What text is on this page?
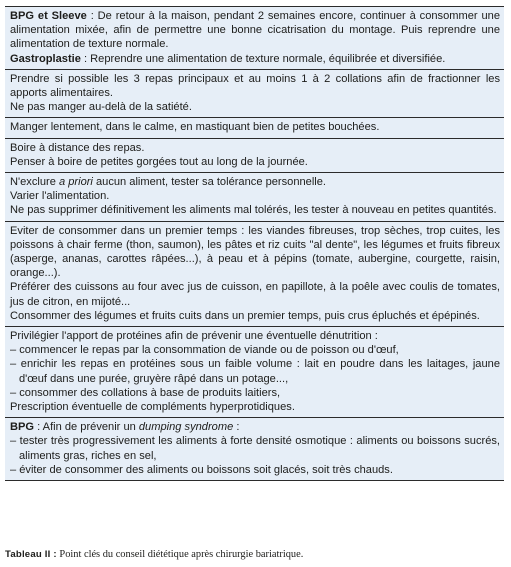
BPG et Sleeve : De retour à la maison, pendant 2 semaines encore, continuer à consommer une alimentation mixée, afin de permettre une bonne cicatrisation du montage. Puis reprendre une alimentation de texture normale.

Gastroplastie : Reprendre une alimentation de texture normale, équilibrée et diversifiée.

Prendre si possible les 3 repas principaux et au moins 1 à 2 collations afin de fractionner les apports alimentaires.

Ne pas manger au-delà de la satiété.

Manger lentement, dans le calme, en mastiquant bien de petites bouchées.

Boire à distance des repas.

Penser à boire de petites gorgées tout au long de la journée.

N'exclure a priori aucun aliment, tester sa tolérance personnelle.

Varier l'alimentation.

Ne pas supprimer définitivement les aliments mal tolérés, les tester à nouveau en petites quantités.

Eviter de consommer dans un premier temps : les viandes fibreuses, trop sèches, trop cuites, les poissons à chair ferme (thon, saumon), les pâtes et riz cuits "al dente", les légumes et fruits fibreux (asperge, ananas, carottes râpées...), à peau et à pépins (tomate, aubergine, courgette, raisin, orange...).

Préférer des cuissons au four avec jus de cuisson, en papillote, à la poêle avec coulis de tomates, jus de citron, en mijoté...

Consommer des légumes et fruits cuits dans un premier temps, puis crus épluchés et épépinés.

Privilégier l'apport de protéines afin de prévenir une éventuelle dénutrition :

– commencer le repas par la consommation de viande ou de poisson ou d'œuf,

– enrichir les repas en protéines sous un faible volume : lait en poudre dans les laitages, jaune d'œuf dans une purée, gruyère râpé dans un potage...,

– consommer des collations à base de produits laitiers,

Prescription éventuelle de compléments hyperprotidiques.

BPG : Afin de prévenir un dumping syndrome :

– tester très progressivement les aliments à forte densité osmotique : aliments ou boissons sucrés, aliments gras, riches en sel,

– éviter de consommer des aliments ou boissons soit glacés, soit très chauds.

Tableau II : Point clés du conseil diététique après chirurgie bariatrique.
